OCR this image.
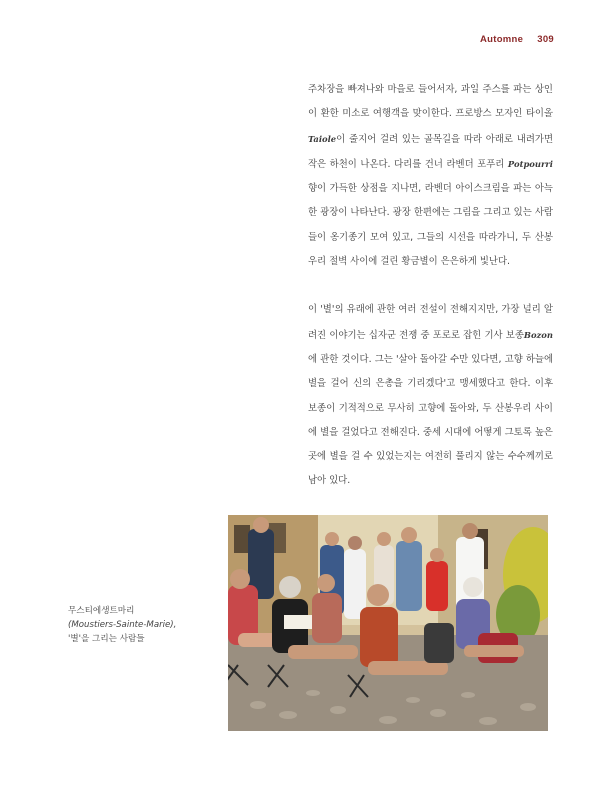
Automne 309

주차장을 빠져나와 마을로 들어서자, 과일 주스를 파는 상인이 환한 미소로 여행객을 맞이한다. 프로방스 모자인 타이올Taiole이 줄지어 걸려 있는 골목길을 따라 아래로 내려가면 작은 하천이 나온다. 다리를 건너 라벤더 포푸리 Potpourri 향이 가득한 상점을 지나면, 라벤더 아이스크림을 파는 아늑한 광장이 나타난다. 광장 한편에는 그림을 그리고 있는 사람들이 옹기종기 모여 있고, 그들의 시선을 따라가니, 두 산봉우리 절벽 사이에 걸린 황금별이 은은하게 빛난다.

이 '별'의 유래에 관한 여러 전설이 전해지지만, 가장 널리 알려진 이야기는 십자군 전쟁 중 포로로 잡힌 기사 보종Bozon에 관한 것이다. 그는 '살아 돌아갈 수만 있다면, 고향 하늘에 별을 걸어 신의 은총을 기리겠다'고 맹세했다고 한다. 이후 보종이 기적적으로 무사히 고향에 돌아와, 두 산봉우리 사이에 별을 걸었다고 전해진다. 중세 시대에 어떻게 그토록 높은 곳에 별을 걸 수 있었는지는 여전히 풀리지 않는 수수께끼로 남아 있다.

무스티에생트마리
(Moustiers-Sainte-Marie),
'별'을 그리는 사람들
